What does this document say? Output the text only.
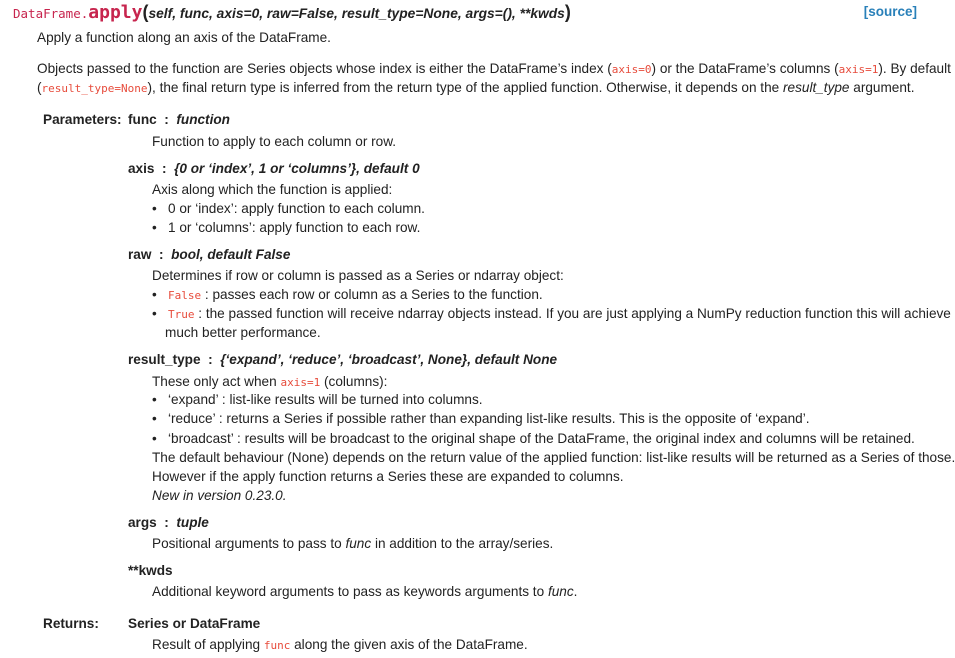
DataFrame.apply(self, func, axis=0, raw=False, result_type=None, args=(), **kwds)	[source]
Apply a function along an axis of the DataFrame.
Objects passed to the function are Series objects whose index is either the DataFrame’s index (axis=0) or the DataFrame’s columns (axis=1). By default
(result_type=None), the final return type is inferred from the return type of the applied function. Otherwise, it depends on the result_type argument.
Parameters: func  :  function
Function to apply to each column or row.
axis  :  {0 or ‘index’, 1 or ‘columns’}, default 0
Axis along which the function is applied:
• 0 or ‘index’: apply function to each column.
• 1 or ‘columns’: apply function to each row.
raw  :  bool, default False
Determines if row or column is passed as a Series or ndarray object:
• False : passes each row or column as a Series to the function.
• True : the passed function will receive ndarray objects instead. If you are just applying a NumPy reduction function this will achieve
much better performance.
result_type  :  {‘expand’, ‘reduce’, ‘broadcast’, None}, default None
These only act when axis=1 (columns):
• ‘expand’ : list-like results will be turned into columns.
• ‘reduce’ : returns a Series if possible rather than expanding list-like results. This is the opposite of ‘expand’.
• ‘broadcast’ : results will be broadcast to the original shape of the DataFrame, the original index and columns will be retained.
The default behaviour (None) depends on the return value of the applied function: list-like results will be returned as a Series of those.
However if the apply function returns a Series these are expanded to columns.
New in version 0.23.0.
args  :  tuple
Positional arguments to pass to func in addition to the array/series.
**kwds
Additional keyword arguments to pass as keywords arguments to func.
Returns: Series or DataFrame
Result of applying func along the given axis of the DataFrame.
